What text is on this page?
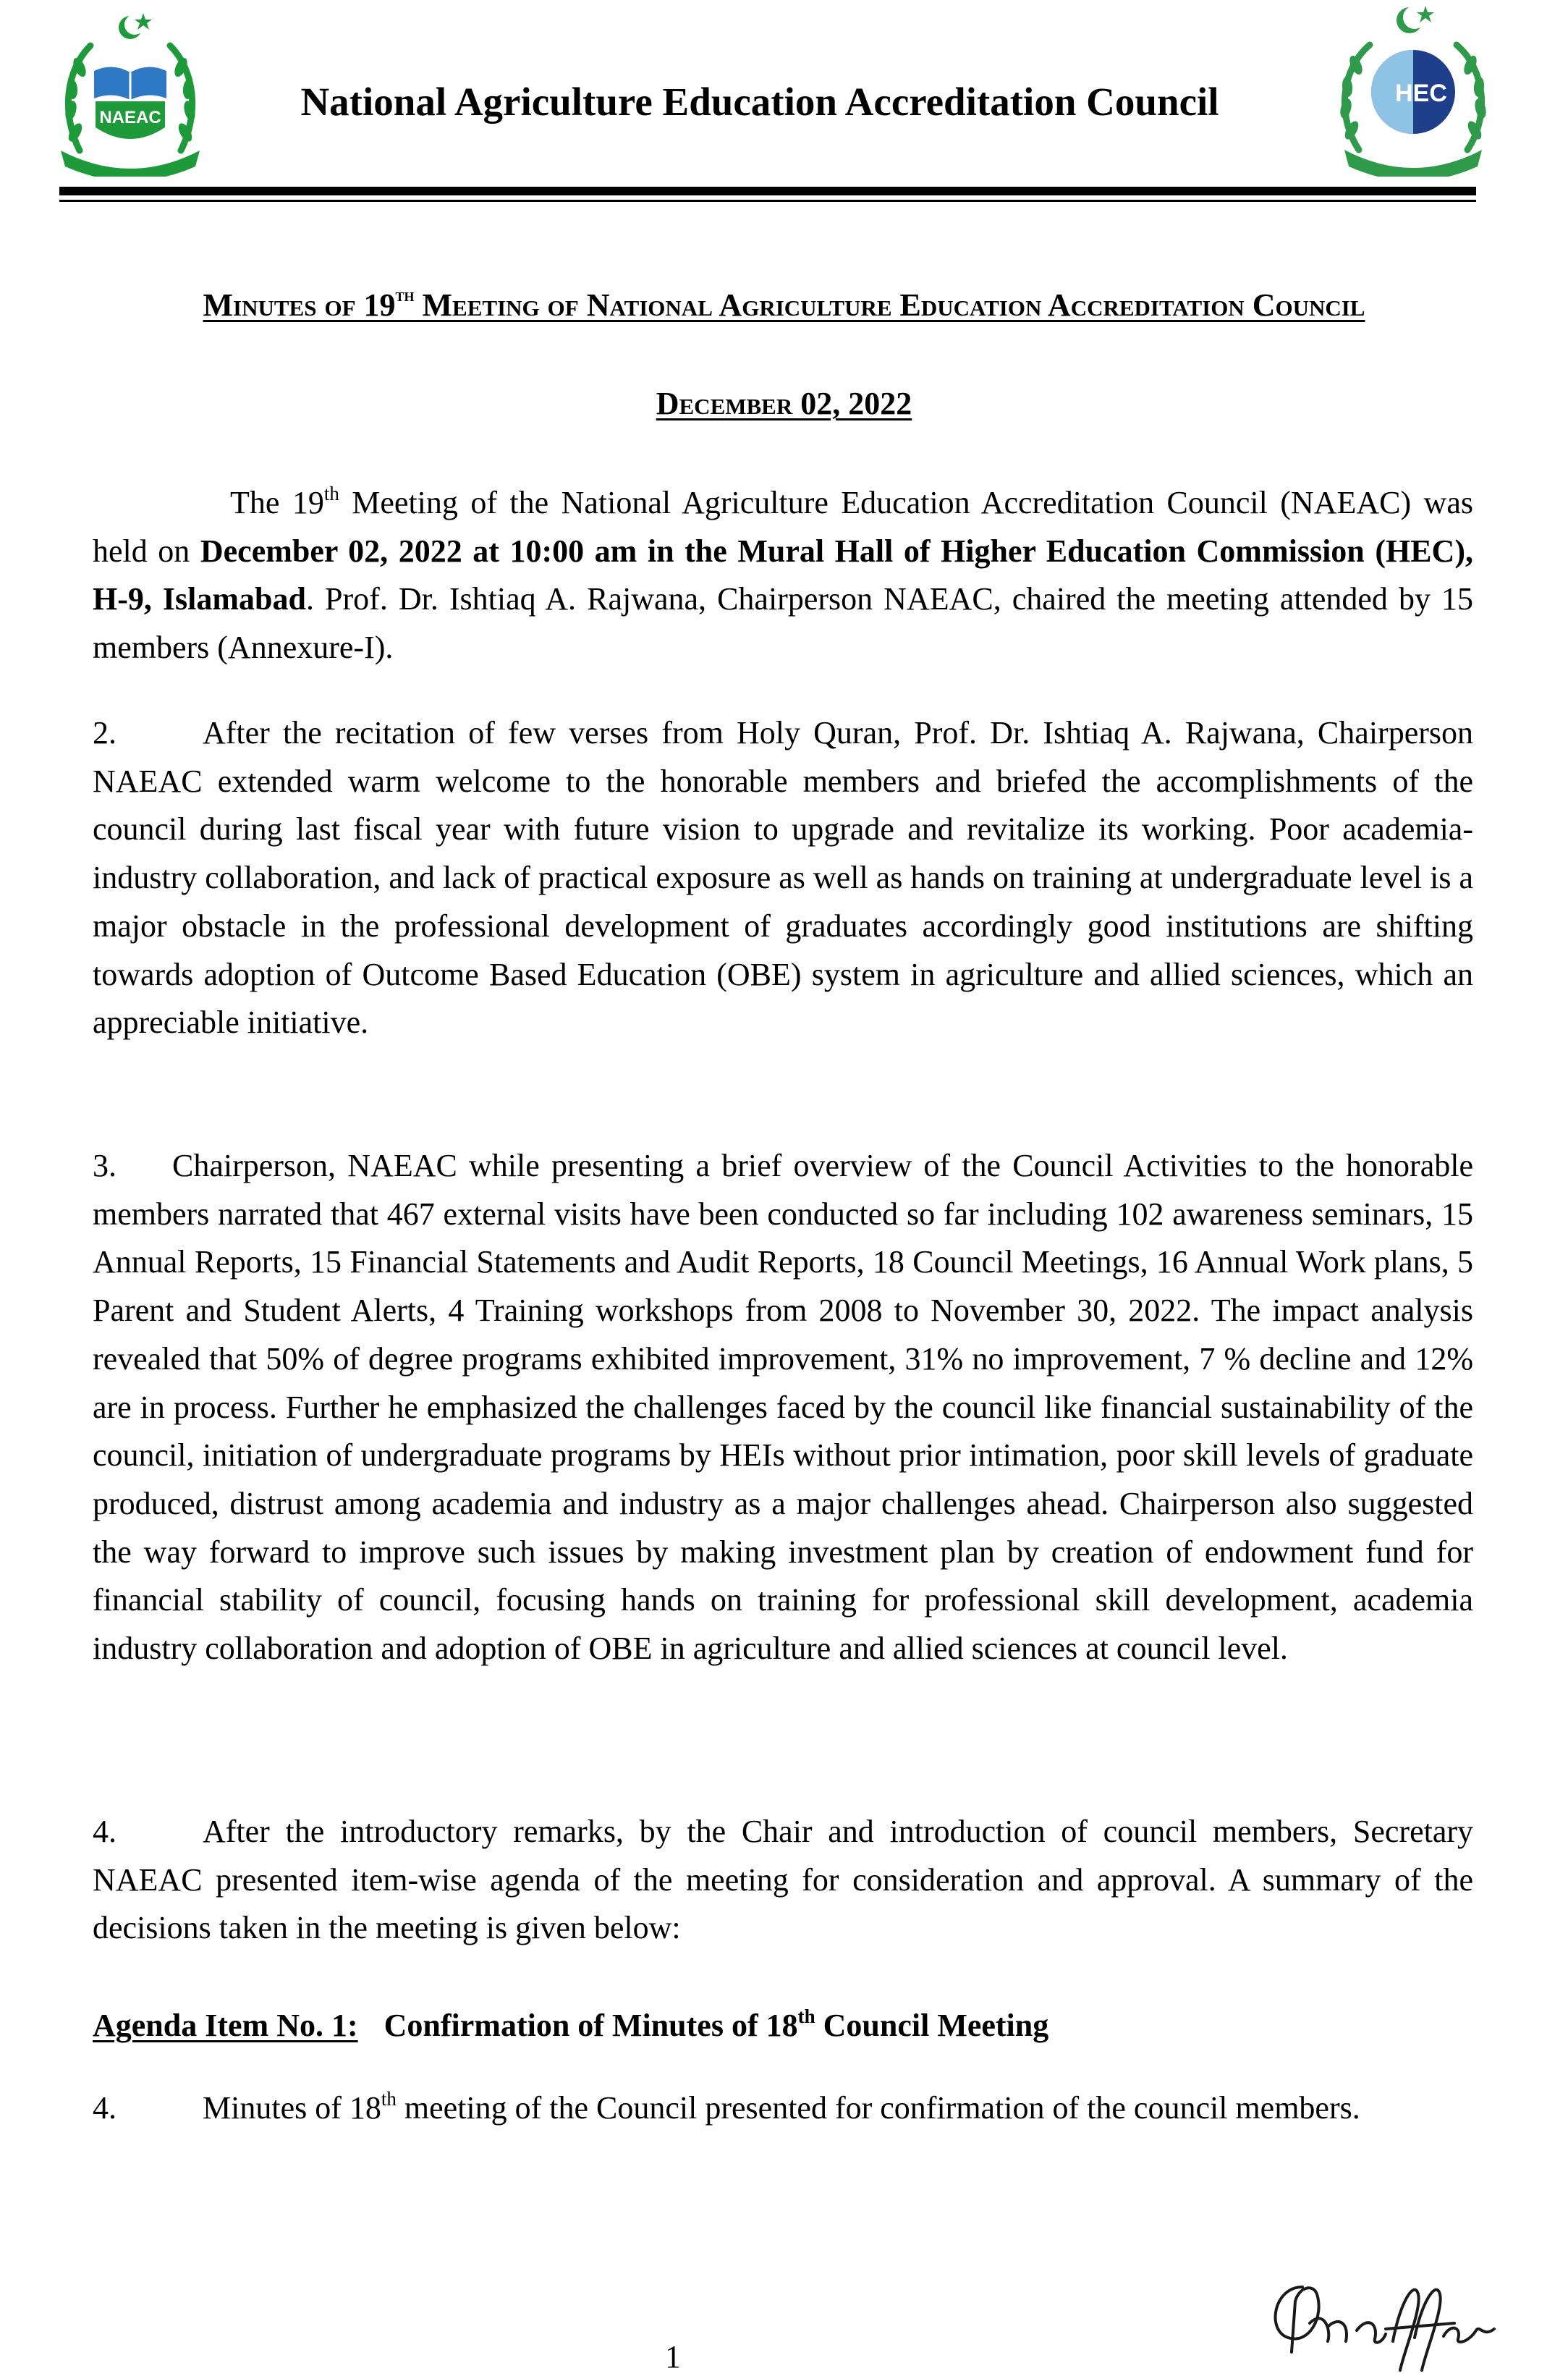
NAEAC	National Agriculture Education Accreditation Council	HEC
Minutes of 19th Meeting of National Agriculture Education Accreditation Council
December 02, 2022
The 19th Meeting of the National Agriculture Education Accreditation Council (NAEAC) was held on December 02, 2022 at 10:00 am in the Mural Hall of Higher Education Commission (HEC), H-9, Islamabad. Prof. Dr. Ishtiaq A. Rajwana, Chairperson NAEAC, chaired the meeting attended by 15 members (Annexure-I).
2.	After the recitation of few verses from Holy Quran, Prof. Dr. Ishtiaq A. Rajwana, Chairperson NAEAC extended warm welcome to the honorable members and briefed the accomplishments of the council during last fiscal year with future vision to upgrade and revitalize its working. Poor academia-industry collaboration, and lack of practical exposure as well as hands on training at undergraduate level is a major obstacle in the professional development of graduates accordingly good institutions are shifting towards adoption of Outcome Based Education (OBE) system in agriculture and allied sciences, which an appreciable initiative.
3. Chairperson, NAEAC while presenting a brief overview of the Council Activities to the honorable members narrated that 467 external visits have been conducted so far including 102 awareness seminars, 15 Annual Reports, 15 Financial Statements and Audit Reports, 18 Council Meetings, 16 Annual Work plans, 5 Parent and Student Alerts, 4 Training workshops from 2008 to November 30, 2022. The impact analysis revealed that 50% of degree programs exhibited improvement, 31% no improvement, 7 % decline and 12% are in process. Further he emphasized the challenges faced by the council like financial sustainability of the council, initiation of undergraduate programs by HEIs without prior intimation, poor skill levels of graduate produced, distrust among academia and industry as a major challenges ahead. Chairperson also suggested the way forward to improve such issues by making investment plan by creation of endowment fund for financial stability of council, focusing hands on training for professional skill development, academia industry collaboration and adoption of OBE in agriculture and allied sciences at council level.
4.	After the introductory remarks, by the Chair and introduction of council members, Secretary NAEAC presented item-wise agenda of the meeting for consideration and approval. A summary of the decisions taken in the meeting is given below:
Agenda Item No. 1: Confirmation of Minutes of 18th Council Meeting
4.	Minutes of 18th meeting of the Council presented for confirmation of the council members.
1
